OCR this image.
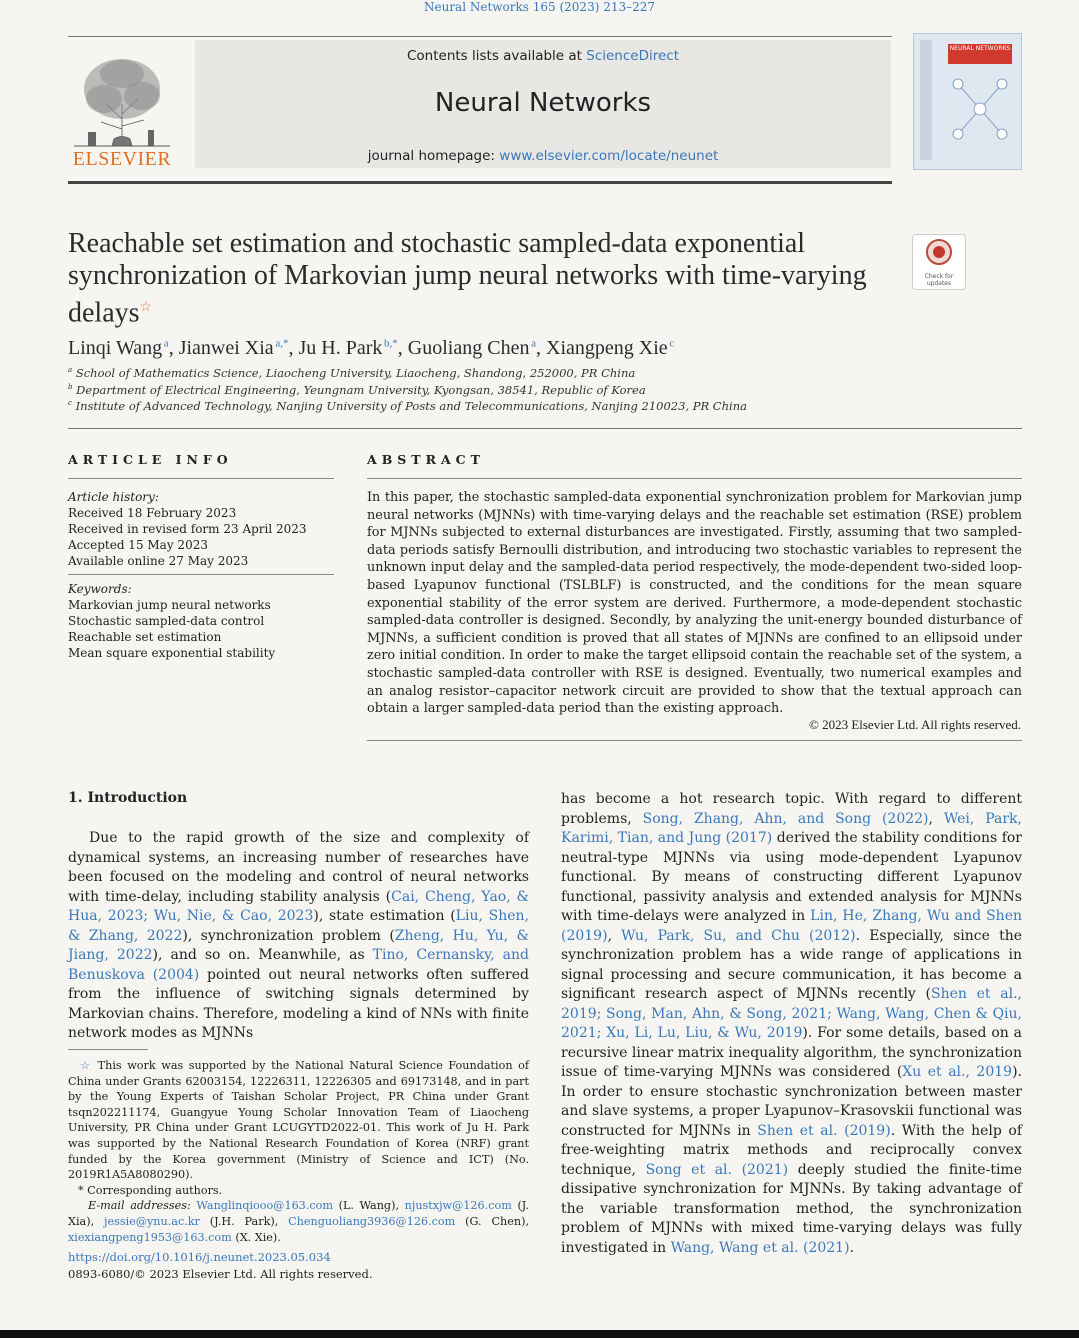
Neural Networks 165 (2023) 213–227
ELSEVIER
Contents lists available at ScienceDirect
Neural Networks
journal homepage: www.elsevier.com/locate/neunet
NEURAL NETWORKS
Reachable set estimation and stochastic sampled-data exponential synchronization of Markovian jump neural networks with time-varying delays☆
Check for updates
Linqi Wang  $^a$, Jianwei Xia  $^{a,*}$, Ju H. Park  $^{b,*}$, Guoliang Chen  $^a$, Xiangpeng Xie  $^c$
$^a$ School of Mathematics Science, Liaocheng University, Liaocheng, Shandong, 252000, PR China
$^b$ Department of Electrical Engineering, Yeungnam University, Kyongsan, 38541, Republic of Korea
$^c$ Institute of Advanced Technology, Nanjing University of Posts and Telecommunications, Nanjing 210023, PR China
ARTICLE INFO
Article history:
Received 18 February 2023
Received in revised form 23 April 2023
Accepted 15 May 2023
Available online 27 May 2023
Keywords:
Markovian jump neural networks
Stochastic sampled-data control
Reachable set estimation
Mean square exponential stability
ABSTRACT
In this paper, the stochastic sampled-data exponential synchronization problem for Markovian jump neural networks (MJNNs) with time-varying delays and the reachable set estimation (RSE) problem for MJNNs subjected to external disturbances are investigated. Firstly, assuming that two sampled-data periods satisfy Bernoulli distribution, and introducing two stochastic variables to represent the unknown input delay and the sampled-data period respectively, the mode-dependent two-sided loop-based Lyapunov functional (TSLBLF) is constructed, and the conditions for the mean square exponential stability of the error system are derived. Furthermore, a mode-dependent stochastic sampled-data controller is designed. Secondly, by analyzing the unit-energy bounded disturbance of MJNNs, a sufficient condition is proved that all states of MJNNs are confined to an ellipsoid under zero initial condition. In order to make the target ellipsoid contain the reachable set of the system, a stochastic sampled-data controller with RSE is designed. Eventually, two numerical examples and an analog resistor–capacitor network circuit are provided to show that the textual approach can obtain a larger sampled-data period than the existing approach.
© 2023 Elsevier Ltd. All rights reserved.
1. Introduction
Due to the rapid growth of the size and complexity of dynamical systems, an increasing number of researches have been focused on the modeling and control of neural networks with time-delay, including stability analysis (Cai, Cheng, Yao, & Hua, 2023; Wu, Nie, & Cao, 2023), state estimation (Liu, Shen, & Zhang, 2022), synchronization problem (Zheng, Hu, Yu, & Jiang, 2022), and so on. Meanwhile, as Tino, Cernansky, and Benuskova (2004) pointed out neural networks often suffered from the influence of switching signals determined by Markovian chains. Therefore, modeling a kind of NNs with finite network modes as MJNNs
has become a hot research topic. With regard to different problems, Song, Zhang, Ahn, and Song (2022), Wei, Park, Karimi, Tian, and Jung (2017) derived the stability conditions for neutral-type MJNNs via using mode-dependent Lyapunov functional. By means of constructing different Lyapunov functional, passivity analysis and extended analysis for MJNNs with time-delays were analyzed in Lin, He, Zhang, Wu and Shen (2019), Wu, Park, Su, and Chu (2012). Especially, since the synchronization problem has a wide range of applications in signal processing and secure communication, it has become a significant research aspect of MJNNs recently (Shen et al., 2019; Song, Man, Ahn, & Song, 2021; Wang, Wang, Chen & Qiu, 2021; Xu, Li, Lu, Liu, & Wu, 2019). For some details, based on a recursive linear matrix inequality algorithm, the synchronization issue of time-varying MJNNs was considered (Xu et al., 2019). In order to ensure stochastic synchronization between master and slave systems, a proper Lyapunov–Krasovskii functional was constructed for MJNNs in Shen et al. (2019). With the help of free-weighting matrix methods and reciprocally convex technique, Song et al. (2021) deeply studied the finite-time dissipative synchronization for MJNNs. By taking advantage of the variable transformation method, the synchronization problem of MJNNs with mixed time-varying delays was fully investigated in Wang, Wang et al. (2021).
☆ This work was supported by the National Natural Science Foundation of China under Grants 62003154, 12226311, 12226305 and 69173148, and in part by the Young Experts of Taishan Scholar Project, PR China under Grant tsqn202211174, Guangyue Young Scholar Innovation Team of Liaocheng University, PR China under Grant LCUGYTD2022-01. This work of Ju H. Park was supported by the National Research Foundation of Korea (NRF) grant funded by the Korea government (Ministry of Science and ICT) (No. 2019R1A5A8080290).
* Corresponding authors.
E-mail addresses: Wanglinqiooo@163.com (L. Wang), njustxjw@126.com (J. Xia), jessie@ynu.ac.kr (J.H. Park), Chenguoliang3936@126.com (G. Chen), xiexiangpeng1953@163.com (X. Xie).
https://doi.org/10.1016/j.neunet.2023.05.034
0893-6080/© 2023 Elsevier Ltd. All rights reserved.
